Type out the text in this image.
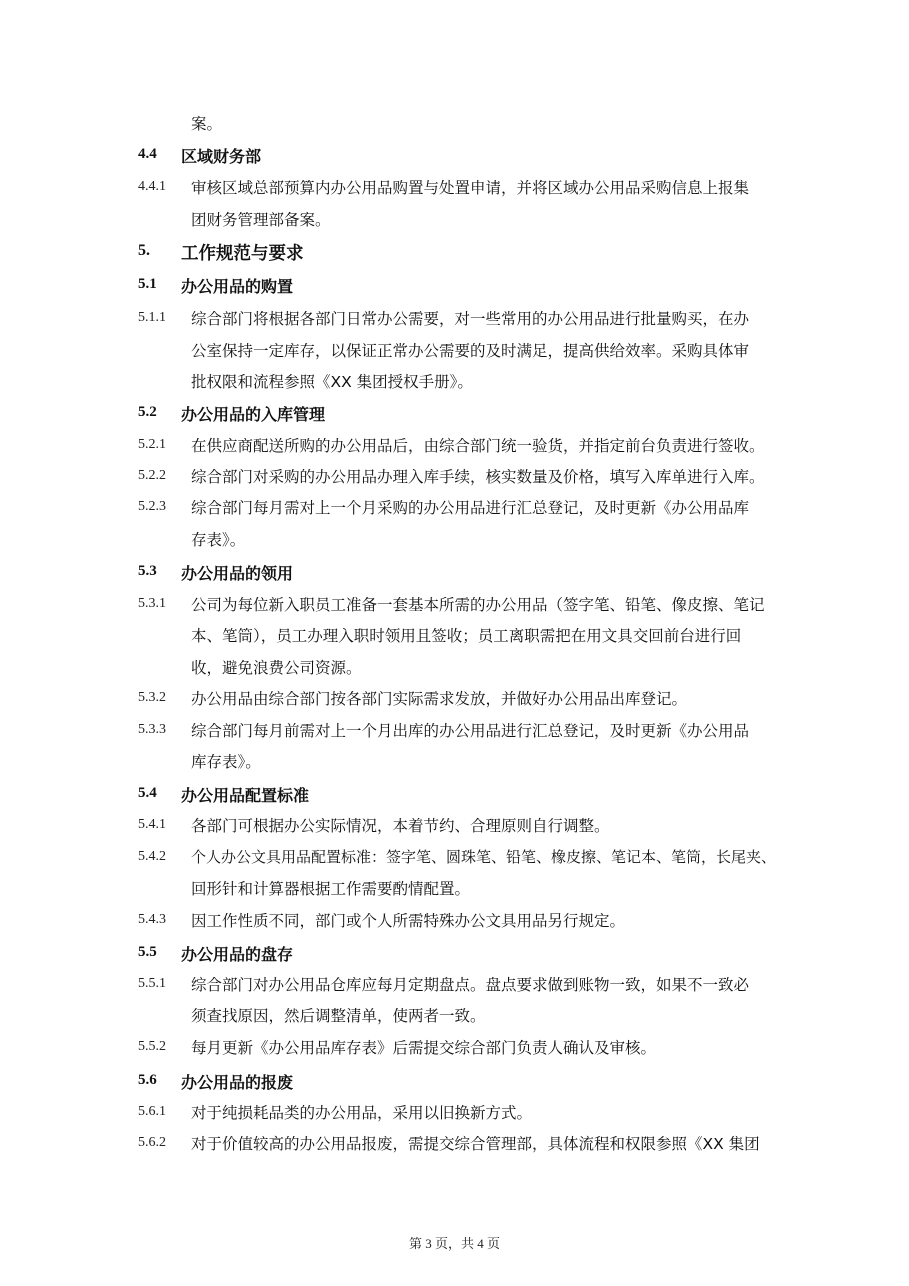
案。
4.4 区域财务部
4.4.1 审核区域总部预算内办公用品购置与处置申请，并将区域办公用品采购信息上报集
团财务管理部备案。
5. 工作规范与要求
5.1 办公用品的购置
5.1.1 综合部门将根据各部门日常办公需要，对一些常用的办公用品进行批量购买，在办
公室保持一定库存，以保证正常办公需要的及时满足，提高供给效率。采购具体审
批权限和流程参照《XX 集团授权手册》。
5.2 办公用品的入库管理
5.2.1 在供应商配送所购的办公用品后，由综合部门统一验货，并指定前台负责进行签收。
5.2.2 综合部门对采购的办公用品办理入库手续，核实数量及价格，填写入库单进行入库。
5.2.3 综合部门每月需对上一个月采购的办公用品进行汇总登记，及时更新《办公用品库
存表》。
5.3 办公用品的领用
5.3.1 公司为每位新入职员工准备一套基本所需的办公用品（签字笔、铅笔、像皮擦、笔记
本、笔筒），员工办理入职时领用且签收；员工离职需把在用文具交回前台进行回
收，避免浪费公司资源。
5.3.2 办公用品由综合部门按各部门实际需求发放，并做好办公用品出库登记。
5.3.3 综合部门每月前需对上一个月出库的办公用品进行汇总登记，及时更新《办公用品
库存表》。
5.4 办公用品配置标准
5.4.1 各部门可根据办公实际情况，本着节约、合理原则自行调整。
5.4.2 个人办公文具用品配置标准：签字笔、圆珠笔、铅笔、橡皮擦、笔记本、笔筒，长尾夹、
回形针和计算器根据工作需要酌情配置。
5.4.3 因工作性质不同，部门或个人所需特殊办公文具用品另行规定。
5.5 办公用品的盘存
5.5.1 综合部门对办公用品仓库应每月定期盘点。盘点要求做到账物一致，如果不一致必
须查找原因，然后调整清单，使两者一致。
5.5.2 每月更新《办公用品库存表》后需提交综合部门负责人确认及审核。
5.6 办公用品的报废
5.6.1 对于纯损耗品类的办公用品，采用以旧换新方式。
5.6.2 对于价值较高的办公用品报废，需提交综合管理部，具体流程和权限参照《XX 集团
第 3 页，共 4 页
